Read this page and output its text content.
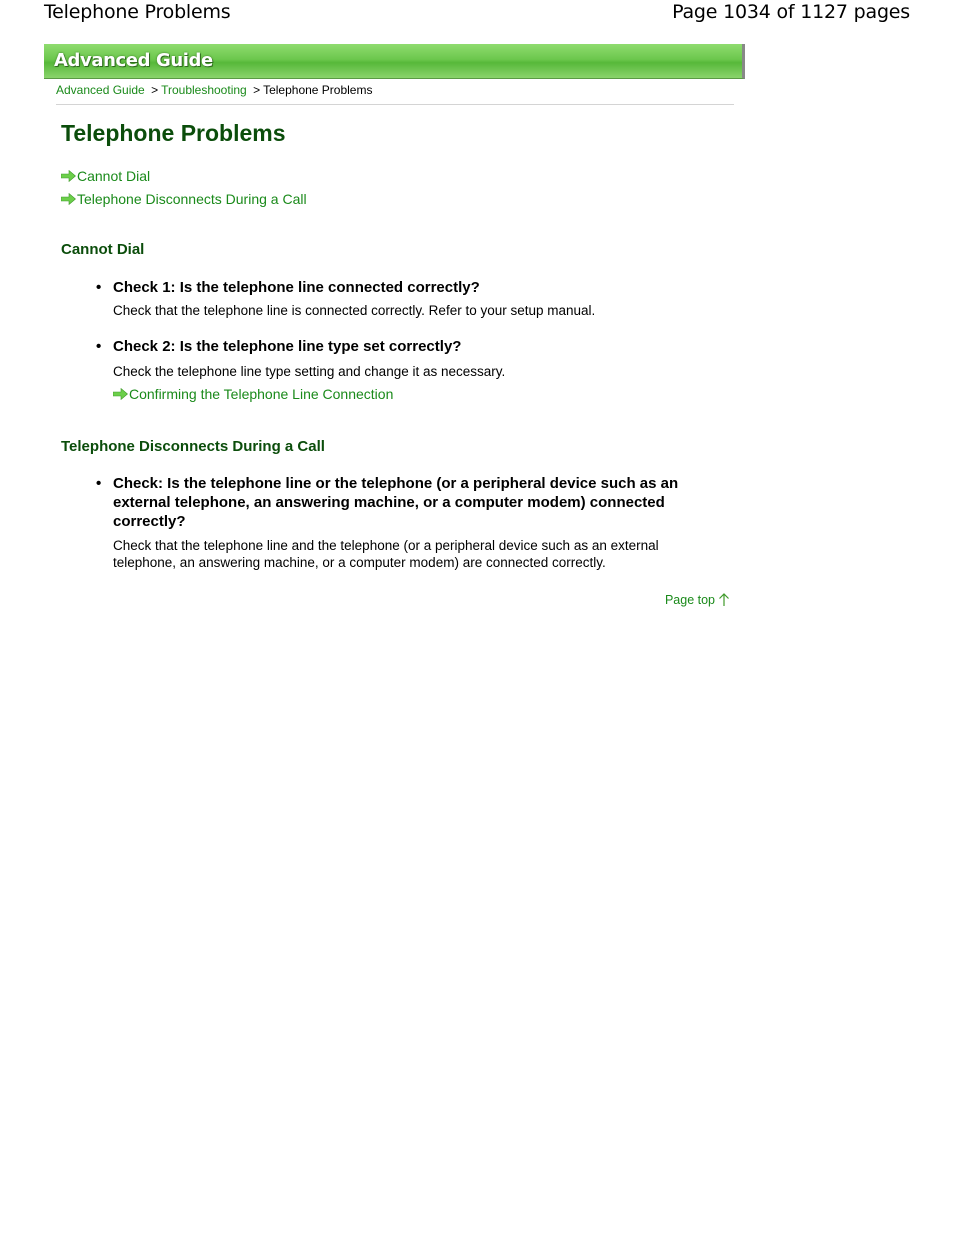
Telephone Problems	Page 1034 of 1127 pages
Advanced Guide
Advanced Guide > Troubleshooting > Telephone Problems
Telephone Problems
Cannot Dial
Telephone Disconnects During a Call
Cannot Dial
• Check 1: Is the telephone line connected correctly?
Check that the telephone line is connected correctly. Refer to your setup manual.
• Check 2: Is the telephone line type set correctly?
Check the telephone line type setting and change it as necessary.
Confirming the Telephone Line Connection
Telephone Disconnects During a Call
• Check: Is the telephone line or the telephone (or a peripheral device such as an external telephone, an answering machine, or a computer modem) connected correctly?
Check that the telephone line and the telephone (or a peripheral device such as an external telephone, an answering machine, or a computer modem) are connected correctly.
Page top
